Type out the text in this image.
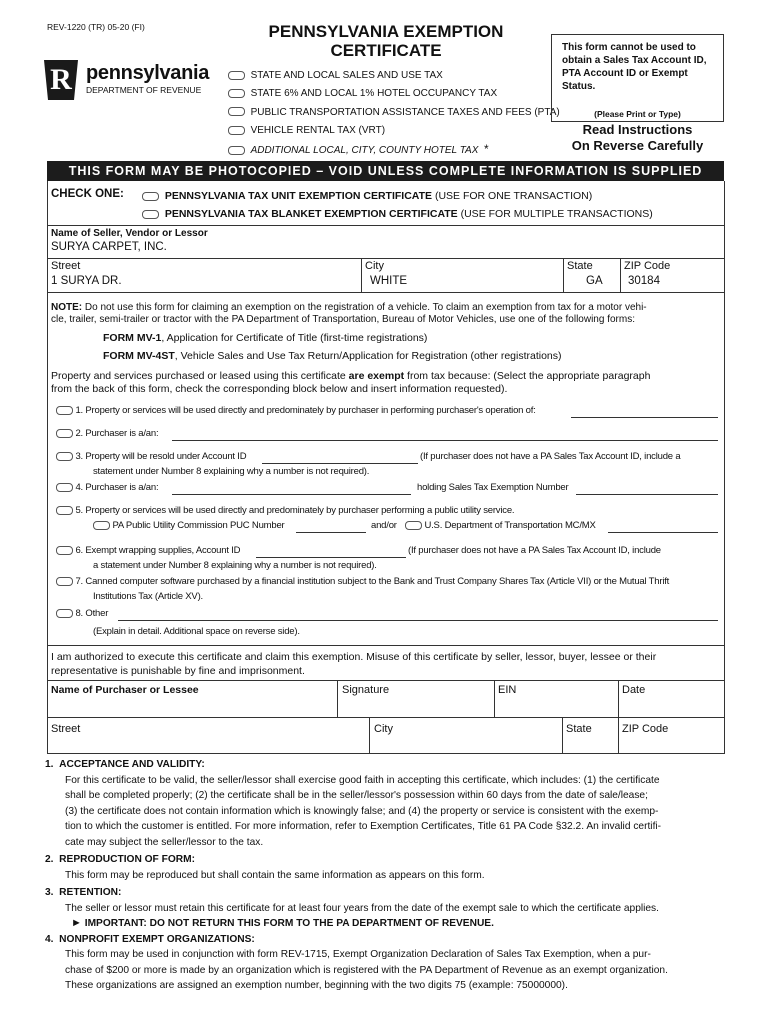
REV-1220 (TR) 05-20 (FI)
R pennsylvania
DEPARTMENT OF REVENUE
PENNSYLVANIA EXEMPTION
CERTIFICATE
STATE AND LOCAL SALES AND USE TAX
STATE 6% AND LOCAL 1% HOTEL OCCUPANCY TAX
PUBLIC TRANSPORTATION ASSISTANCE TAXES AND FEES (PTA)
VEHICLE RENTAL TAX (VRT)
ADDITIONAL LOCAL, CITY, COUNTY HOTEL TAX *
This form cannot be used to obtain a Sales Tax Account ID, PTA Account ID or Exempt Status.
(Please Print or Type)
Read Instructions
On Reverse Carefully
THIS FORM MAY BE PHOTOCOPIED – VOID UNLESS COMPLETE INFORMATION IS SUPPLIED
CHECK ONE:	PENNSYLVANIA TAX UNIT EXEMPTION CERTIFICATE (USE FOR ONE TRANSACTION)
PENNSYLVANIA TAX BLANKET EXEMPTION CERTIFICATE (USE FOR MULTIPLE TRANSACTIONS)
Name of Seller, Vendor or Lessor
SURYA CARPET, INC.
Street
1 SURYA DR.
City
WHITE
State
GA
ZIP Code
30184
NOTE: Do not use this form for claiming an exemption on the registration of a vehicle. To claim an exemption from tax for a motor vehi-
cle, trailer, semi-trailer or tractor with the PA Department of Transportation, Bureau of Motor Vehicles, use one of the following forms:
FORM MV-1, Application for Certificate of Title (first-time registrations)
FORM MV-4ST, Vehicle Sales and Use Tax Return/Application for Registration (other registrations)
Property and services purchased or leased using this certificate are exempt from tax because: (Select the appropriate paragraph
from the back of this form, check the corresponding block below and insert information requested).
1. Property or services will be used directly and predominately by purchaser in performing purchaser's operation of:
2. Purchaser is a/an:
3. Property will be resold under Account ID	(If purchaser does not have a PA Sales Tax Account ID, include a
statement under Number 8 explaining why a number is not required).
4. Purchaser is a/an:	holding Sales Tax Exemption Number
5. Property or services will be used directly and predominately by purchaser performing a public utility service.
PA Public Utility Commission PUC Number	and/or	U.S. Department of Transportation MC/MX
6. Exempt wrapping supplies, Account ID	(If purchaser does not have a PA Sales Tax Account ID, include
a statement under Number 8 explaining why a number is not required).
7. Canned computer software purchased by a financial institution subject to the Bank and Trust Company Shares Tax (Article VII) or the Mutual Thrift
Institutions Tax (Article XV).
8. Other
(Explain in detail. Additional space on reverse side).
I am authorized to execute this certificate and claim this exemption. Misuse of this certificate by seller, lessor, buyer, lessee or their
representative is punishable by fine and imprisonment.
Name of Purchaser or Lessee	Signature	EIN	Date
Street	City	State	ZIP Code
1. ACCEPTANCE AND VALIDITY:
For this certificate to be valid, the seller/lessor shall exercise good faith in accepting this certificate, which includes: (1) the certificate
shall be completed properly; (2) the certificate shall be in the seller/lessor's possession within 60 days from the date of sale/lease;
(3) the certificate does not contain information which is knowingly false; and (4) the property or service is consistent with the exemp-
tion to which the customer is entitled. For more information, refer to Exemption Certificates, Title 61 PA Code §32.2. An invalid certifi-
cate may subject the seller/lessor to the tax.
2. REPRODUCTION OF FORM:
This form may be reproduced but shall contain the same information as appears on this form.
3. RETENTION:
The seller or lessor must retain this certificate for at least four years from the date of the exempt sale to which the certificate applies.
► IMPORTANT: DO NOT RETURN THIS FORM TO THE PA DEPARTMENT OF REVENUE.
4. NONPROFIT EXEMPT ORGANIZATIONS:
This form may be used in conjunction with form REV-1715, Exempt Organization Declaration of Sales Tax Exemption, when a pur-
chase of $200 or more is made by an organization which is registered with the PA Department of Revenue as an exempt organization.
These organizations are assigned an exemption number, beginning with the two digits 75 (example: 75000000).
